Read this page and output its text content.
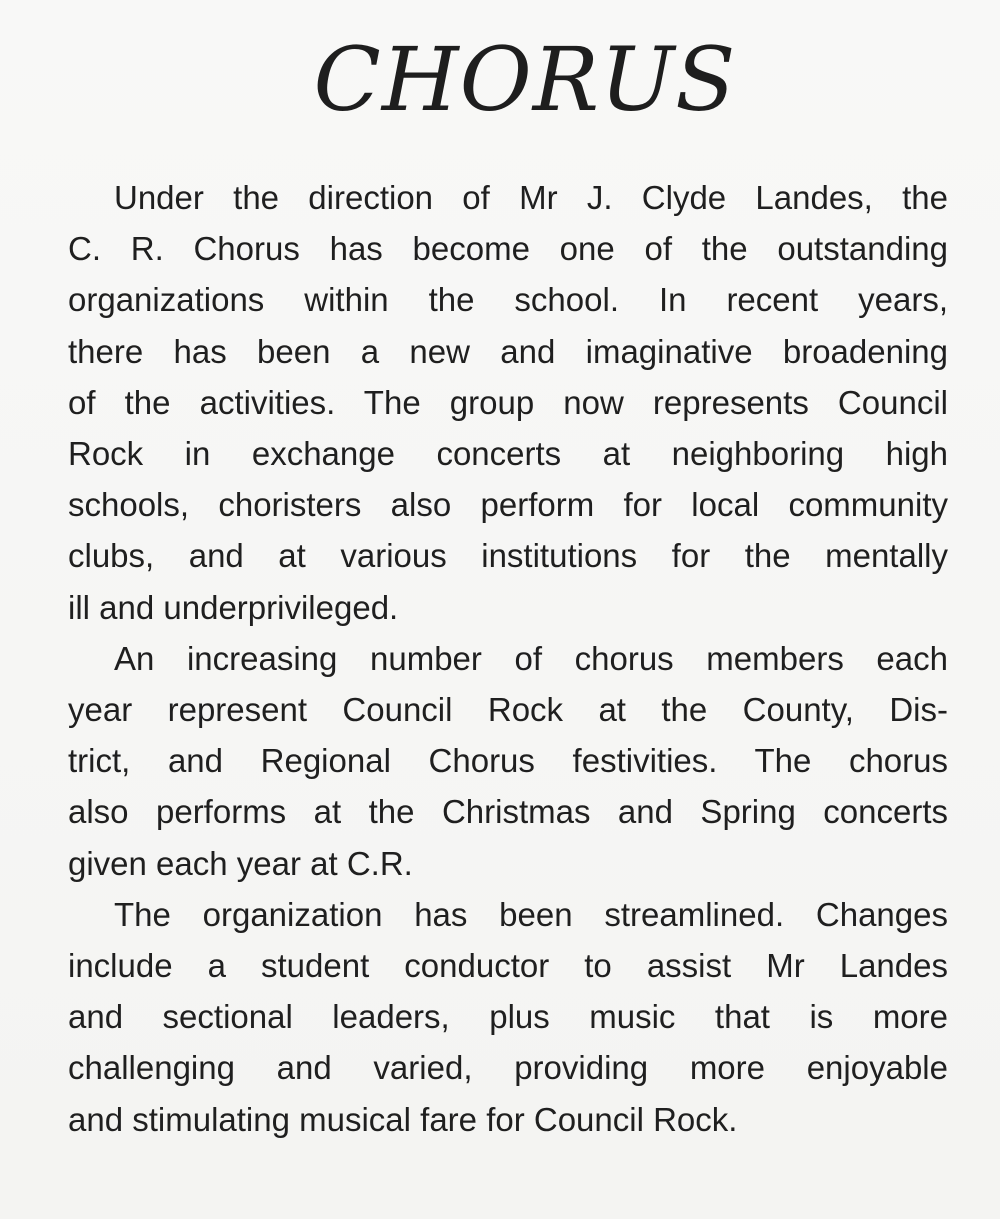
CHORUS
Under the direction of Mr J. Clyde Landes, the
C. R. Chorus has become one of the outstanding
organizations within the school. In recent years,
there has been a new and imaginative broadening
of the activities. The group now represents Council
Rock in exchange concerts at neighboring high
schools, choristers also perform for local community
clubs, and at various institutions for the mentally
ill and underprivileged.
An increasing number of chorus members each
year represent Council Rock at the County, Dis-
trict, and Regional Chorus festivities. The chorus
also performs at the Christmas and Spring concerts
given each year at C.R.
The organization has been streamlined. Changes
include a student conductor to assist Mr Landes
and sectional leaders, plus music that is more
challenging and varied, providing more enjoyable
and stimulating musical fare for Council Rock.
